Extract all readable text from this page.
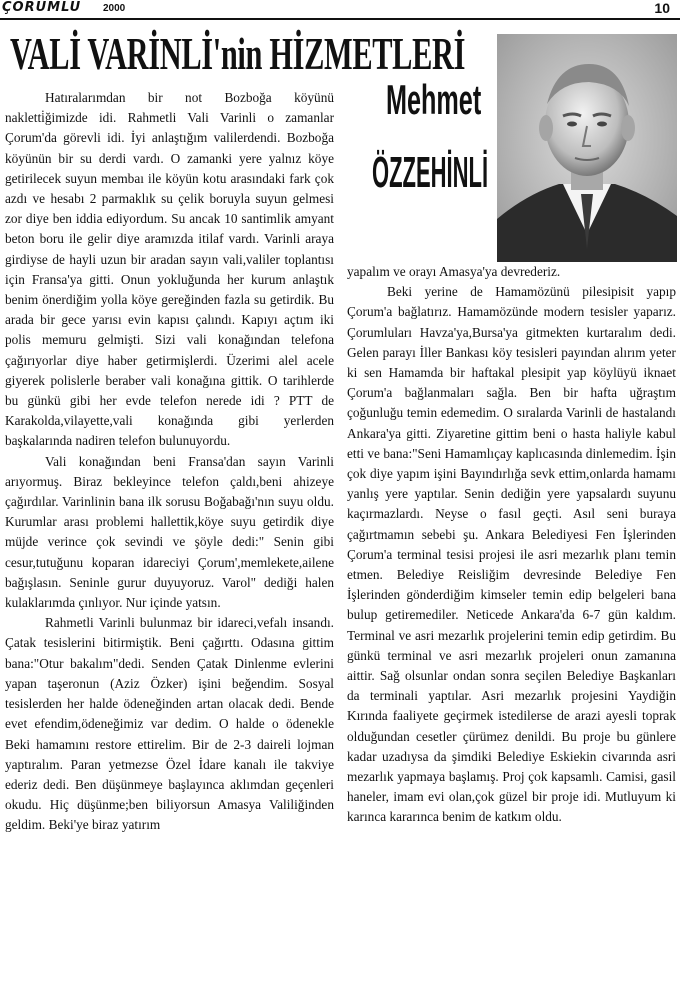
ÇORUMLU 2000	10
VALİ VARİNLİ'nin HİZMETLERİ
Mehmet
ÖZZEHİNLİ

Hatıralarımdan bir not Bozboğa köyünü nakletti̇ğimizde idi. Rahmetli Vali Varinli o zamanlar Çorum'da görevli idi. İyi anlaştığım valilerdendi. Bozboğa köyünün bir su derdi vardı. O zamanki yere yalnız köye getirilecek suyun membaı ile köyün kotu arasındaki fark çok azdı ve hesabı 2 parmaklık su çelik boruyla suyun gelmesi zor diye ben iddia ediyordum. Su ancak 10 santimlik amyant beton boru ile gelir diye aramızda itilaf vardı. Varinli araya girdiyse de hayli uzun bir aradan sayın vali,valiler toplantısı için Fransa'ya gitti. Onun yokluğunda her kurum anlaştık benim önerdiğim yolla köye gereğinden fazla su getirdik. Bu arada bir gece yarısı evin kapısı çalındı. Kapıyı açtım iki polis memuru gelmişti. Sizi vali konağından telefona çağırıyorlar diye haber getirmişlerdi. Üzerimi alel acele giyerek polislerle beraber vali konağına gittik. O tarihlerde bu günkü gibi her evde telefon nerede idi ? PTT de Karakolda,vilayette,vali konağında gibi yerlerden başkalarında nadiren telefon bulunuyordu.

Vali konağından beni Fransa'dan sayın Varinli arıyormuş. Biraz bekleyince telefon çaldı,beni ahizeye çağırdılar. Varinlinin bana ilk sorusu Boğabağı'nın suyu oldu. Kurumlar arası problemi hallettik,köye suyu getirdik diye müjde verince çok sevindi ve şöyle dedi:" Senin gibi cesur,tutuğunu koparan idareciyi Çorum',memlekete,ailene bağışlasın. Seninle gurur duyuyoruz. Varol" dediği halen kulaklarımda çınlıyor. Nur içinde yatsın.

Rahmetli Varinli bulunmaz bir idareci,vefalı insandı. Çatak tesislerini bitirmiştik. Beni çağırttı. Odasına gittim bana:"Otur bakalım"dedi. Senden Çatak Dinlenme evlerini yapan taşeronun (Aziz Özker) işini beğendim. Sosyal tesislerden her halde ödeneğinden artan olacak dedi. Bende evet efendim,ödeneğimiz var dedim. O halde o ödenekle Beki hamamını restore ettirelim. Bir de 2-3 daireli lojman yaptıralım. Paran yetmezse Özel İdare kanalı ile takviye ederiz dedi. Ben düşünmeye başlayınca aklımdan geçenleri okudu. Hiç düşünme;ben biliyorsun Amasya Valiliğinden geldim. Beki'ye biraz yatırım

yapalım ve orayı Amasya'ya devrederiz.

Beki yerine de Hamamözünü pilesipisit yapıp Çorum'a bağlatırız. Hamamözünde modern tesisler yaparız. Çorumluları Havza'ya,Bursa'ya gitmekten kurtaralım dedi. Gelen parayı İller Bankası köy tesisleri payından alırım yeter ki sen Hamamda bir haftakal plesipit yap köylüyü iknaet Çorum'a bağlanmaları sağla. Ben bir hafta uğraştım çoğunluğu temin edemedim. O sıralarda Varinli de hastalandı Ankara'ya gitti. Ziyaretine gittim beni o hasta haliyle kabul etti ve bana:"Seni Hamamlıçay kaplıcasında dinlemedim. İşin çok diye yapım işini Bayındırlığa sevk ettim,onlarda hamamı yanlış yere yaptılar. Senin dediğin yere yapsalardı suyunu kaçırmazlardı. Neyse o fasıl geçti. Asıl seni buraya çağırtmamın sebebi şu. Ankara Belediyesi Fen İşlerinden Çorum'a terminal tesisi projesi ile asri mezarlık planı temin etmen. Belediye Reisliğim devresinde Belediye Fen İşlerinden gönderdiğim kimseler temin edip belgeleri bana bulup getiremediler. Neticede Ankara'da 6-7 gün kaldım. Terminal ve asri mezarlık projelerini temin edip getirdim. Bu günkü terminal ve asri mezarlık projeleri onun zamanına aittir. Sağ olsunlar ondan sonra seçilen Belediye Başkanları da terminali yaptılar. Asri mezarlık projesini Yaydiğin Kırında faaliyete geçirmek istedilerse de arazi ayesli toprak olduğundan cesetler çürümez denildi. Bu proje bu günlere kadar uzadıysa da şimdiki Belediye Eskiekin civarında asri mezarlık yapmaya başlamış. Proj çok kapsamlı. Camisi, gasil haneler, imam evi olan,çok güzel bir proje idi. Mutluyum ki karınca kararınca benim de katkım oldu.
